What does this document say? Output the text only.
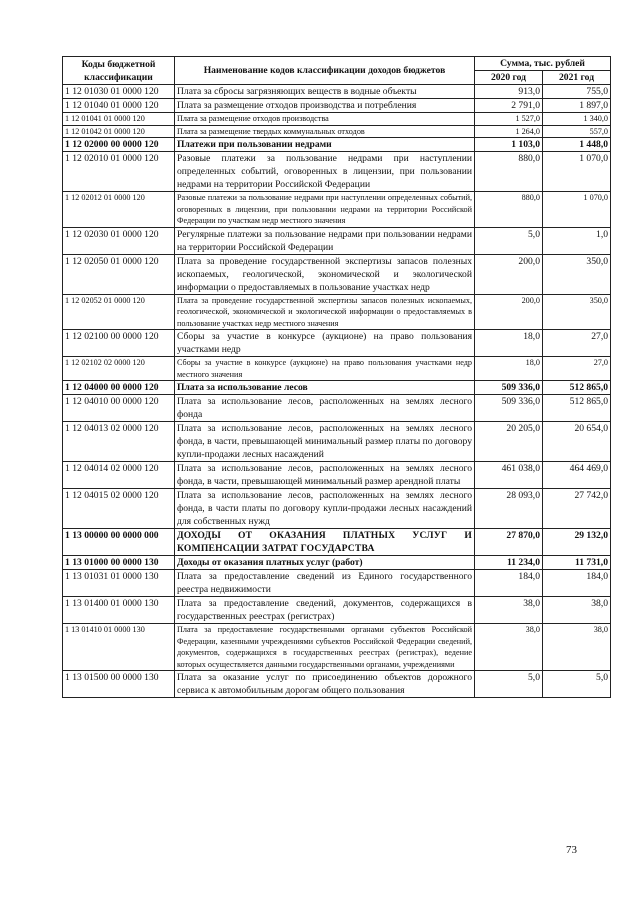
Коды бюджетной классификации	Наименование кодов классификации доходов бюджетов	Сумма, тыс. рублей	
		2020 год	2021 год
1 12 01030 01 0000 120	Плата за сбросы загрязняющих веществ в водные объекты	913,0	755,0
1 12 01040 01 0000 120	Плата за размещение отходов производства и потребления	2 791,0	1 897,0
1 12 01041 01 0000 120	Плата за размещение отходов производства	1 527,0	1 340,0
1 12 01042 01 0000 120	Плата за размещение твердых коммунальных отходов	1 264,0	557,0
1 12 02000 00 0000 120	Платежи при пользовании недрами	1 103,0	1 448,0
1 12 02010 01 0000 120	Разовые платежи за пользование недрами при наступлении определенных событий, оговоренных в лицензии, при пользовании недрами на территории Российской Федерации	880,0	1 070,0
1 12 02012 01 0000 120	Разовые платежи за пользование недрами при наступлении определенных событий, оговоренных в лицензии, при пользовании недрами на территории Российской Федерации по участкам недр местного значения	880,0	1 070,0
1 12 02030 01 0000 120	Регулярные платежи за пользование недрами при пользовании недрами на территории Российской Федерации	5,0	1,0
1 12 02050 01 0000 120	Плата за проведение государственной экспертизы запасов полезных ископаемых, геологической, экономической и экологической информации о предоставляемых в пользование участках недр	200,0	350,0
1 12 02052 01 0000 120	Плата за проведение государственной экспертизы запасов полезных ископаемых, геологической, экономической и экологической информации о предоставляемых в пользование участках недр местного значения	200,0	350,0
1 12 02100 00 0000 120	Сборы за участие в конкурсе (аукционе) на право пользования участками недр	18,0	27,0
1 12 02102 02 0000 120	Сборы за участие в конкурсе (аукционе) на право пользования участками недр местного значения	18,0	27,0
1 12 04000 00 0000 120	Плата за использование лесов	509 336,0	512 865,0
1 12 04010 00 0000 120	Плата за использование лесов, расположенных на землях лесного фонда	509 336,0	512 865,0
1 12 04013 02 0000 120	Плата за использование лесов, расположенных на землях лесного фонда, в части, превышающей минимальный размер платы по договору купли-продажи лесных насаждений	20 205,0	20 654,0
1 12 04014 02 0000 120	Плата за использование лесов, расположенных на землях лесного фонда, в части, превышающей минимальный размер арендной платы	461 038,0	464 469,0
1 12 04015 02 0000 120	Плата за использование лесов, расположенных на землях лесного фонда, в части платы по договору купли-продажи лесных насаждений для собственных нужд	28 093,0	27 742,0
1 13 00000 00 0000 000	ДОХОДЫ ОТ ОКАЗАНИЯ ПЛАТНЫХ УСЛУГ И КОМПЕНСАЦИИ ЗАТРАТ ГОСУДАРСТВА	27 870,0	29 132,0
1 13 01000 00 0000 130	Доходы от оказания платных услуг (работ)	11 234,0	11 731,0
1 13 01031 01 0000 130	Плата за предоставление сведений из Единого государственного реестра недвижимости	184,0	184,0
1 13 01400 01 0000 130	Плата за предоставление сведений, документов, содержащихся в государственных реестрах (регистрах)	38,0	38,0
1 13 01410 01 0000 130	Плата за предоставление государственными органами субъектов Российской Федерации, казенными учреждениями субъектов Российской Федерации сведений, документов, содержащихся в государственных реестрах (регистрах), ведение которых осуществляется данными государственными органами, учреждениями	38,0	38,0
1 13 01500 00 0000 130	Плата за оказание услуг по присоединению объектов дорожного сервиса к автомобильным дорогам общего пользования	5,0	5,0
73
